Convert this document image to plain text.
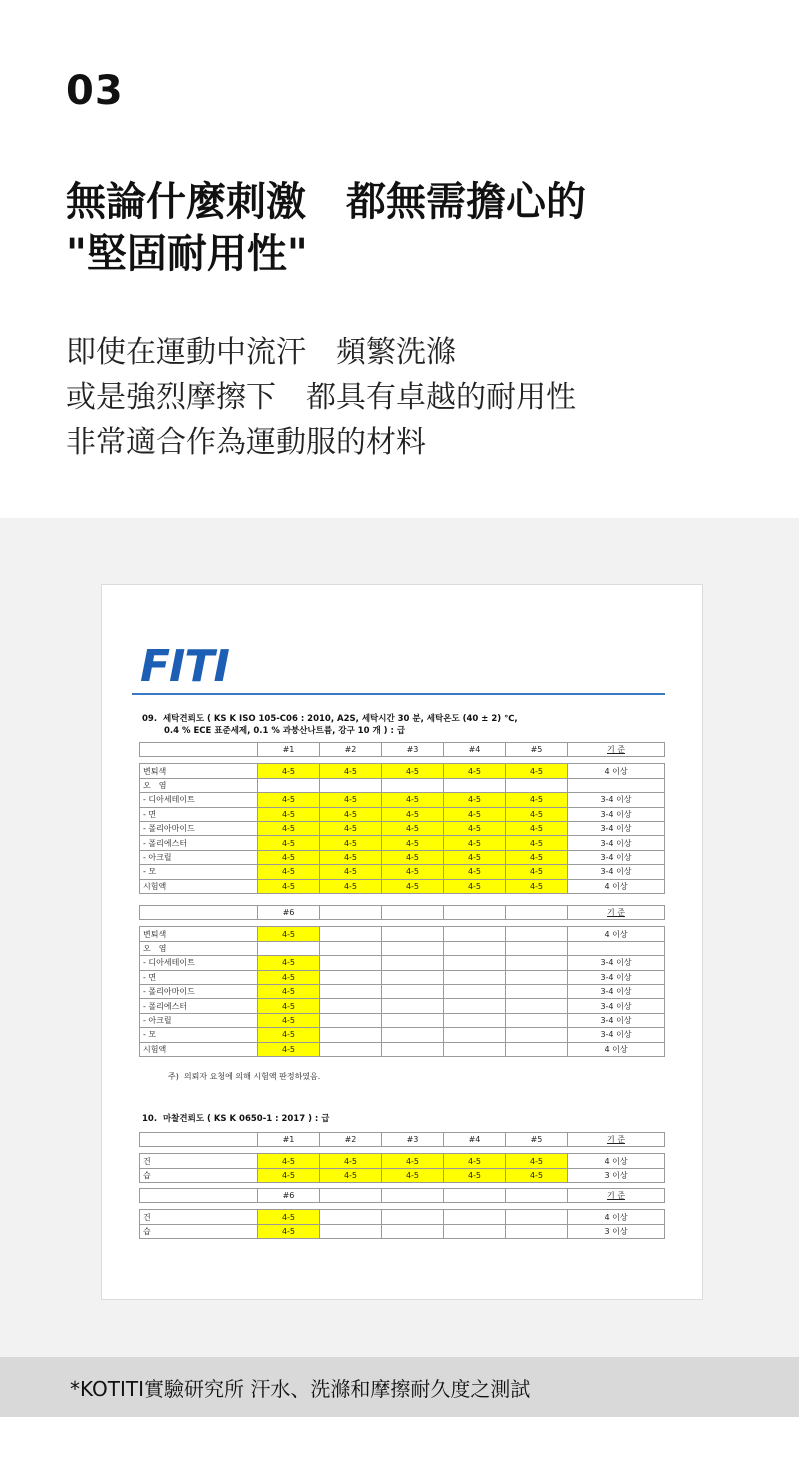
03
無論什麼刺激　都無需擔心的
"堅固耐用性"
即使在運動中流汗　頻繁洗滌
或是強烈摩擦下　都具有卓越的耐用性
非常適合作為運動服的材料
FITI
09.  세탁견뢰도 ( KS K ISO 105-C06 : 2010, A2S, 세탁시간 30 분, 세탁온도 (40 ± 2) ℃,
0.4 % ECE 표준세제, 0.1 % 과붕산나트륨, 강구 10 개 ) : 급
	#1	#2	#3	#4	#5	기 준

변퇴색	4-5	4-5	4-5	4-5	4-5	4 이상
오　염						
- 디아세테이트	4-5	4-5	4-5	4-5	4-5	3-4 이상
- 면	4-5	4-5	4-5	4-5	4-5	3-4 이상
- 폴리아마이드	4-5	4-5	4-5	4-5	4-5	3-4 이상
- 폴리에스터	4-5	4-5	4-5	4-5	4-5	3-4 이상
- 아크릴	4-5	4-5	4-5	4-5	4-5	3-4 이상
- 모	4-5	4-5	4-5	4-5	4-5	3-4 이상
시험액	4-5	4-5	4-5	4-5	4-5	4 이상
	#6					기 준

변퇴색	4-5					4 이상
오　염						
- 디아세테이트	4-5					3-4 이상
- 면	4-5					3-4 이상
- 폴리아마이드	4-5					3-4 이상
- 폴리에스터	4-5					3-4 이상
- 아크릴	4-5					3-4 이상
- 모	4-5					3-4 이상
시험액	4-5					4 이상
주)  의뢰자 요청에 의해 시험액 판정하였음.
10.  마찰견뢰도 ( KS K 0650-1 : 2017 ) : 급
	#1	#2	#3	#4	#5	기 준

건	4-5	4-5	4-5	4-5	4-5	4 이상
습	4-5	4-5	4-5	4-5	4-5	3 이상
	#6					기 준

건	4-5					4 이상
습	4-5					3 이상
*KOTITI實驗研究所 汗水、洗滌和摩擦耐久度之測試
